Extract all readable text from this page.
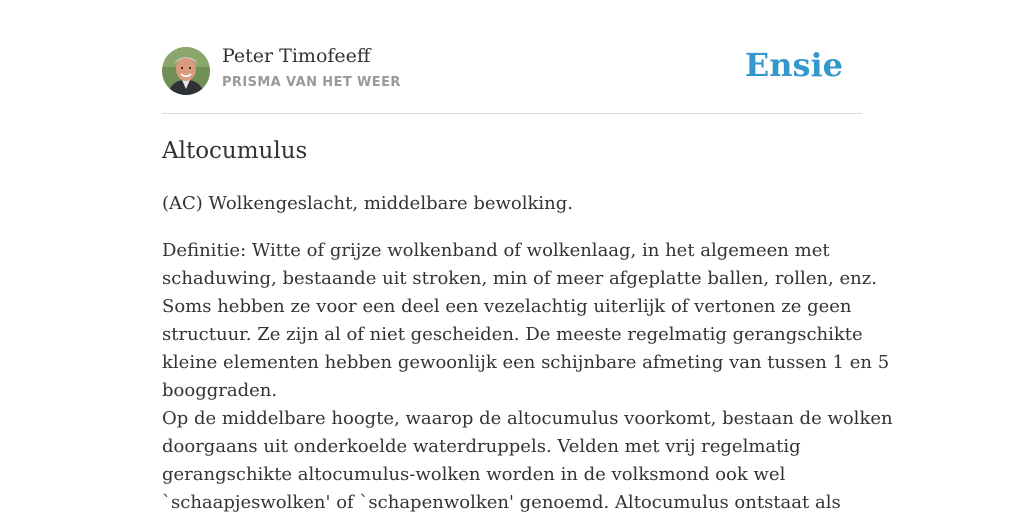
Peter Timofeeff
PRISMA VAN HET WEER	Ensie
Altocumulus

(AC) Wolkengeslacht, middelbare bewolking.

Definitie: Witte of grijze wolkenband of wolkenlaag, in het algemeen met
schaduwing, bestaande uit stroken, min of meer afgeplatte ballen, rollen, enz.
Soms hebben ze voor een deel een vezelachtig uiterlijk of vertonen ze geen
structuur. Ze zijn al of niet gescheiden. De meeste regelmatig gerangschikte
kleine elementen hebben gewoonlijk een schijnbare afmeting van tussen 1 en 5
booggraden.
Op de middelbare hoogte, waarop de altocumulus voorkomt, bestaan de wolken
doorgaans uit onderkoelde waterdruppels. Velden met vrij regelmatig
gerangschikte altocumulus-wolken worden in de volksmond ook wel
`schaapjeswolken' of `schapenwolken' genoemd. Altocumulus ontstaat als
